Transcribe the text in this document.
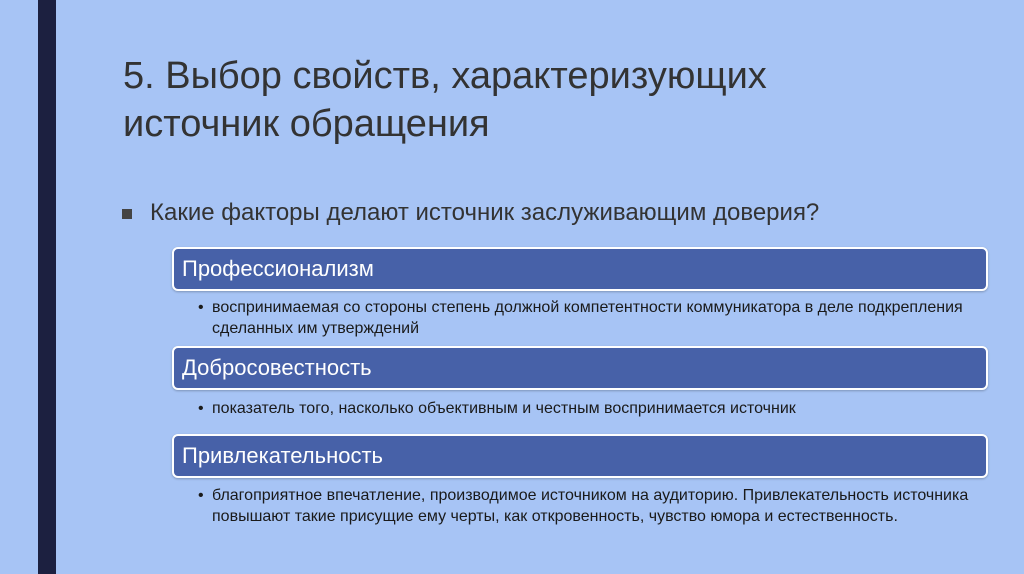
5. Выбор свойств, характеризующих
источник обращения
Какие факторы делают источник заслуживающим доверия?
Профессионализм
• воспринимаемая со стороны степень должной компетентности коммуникатора в деле подкрепления сделанных им утверждений
Добросовестность
• показатель того, насколько объективным и честным воспринимается источник
Привлекательность
• благоприятное впечатление, производимое источником на аудиторию. Привлекательность источника повышают такие присущие ему черты, как откровенность, чувство юмора и естественность.
